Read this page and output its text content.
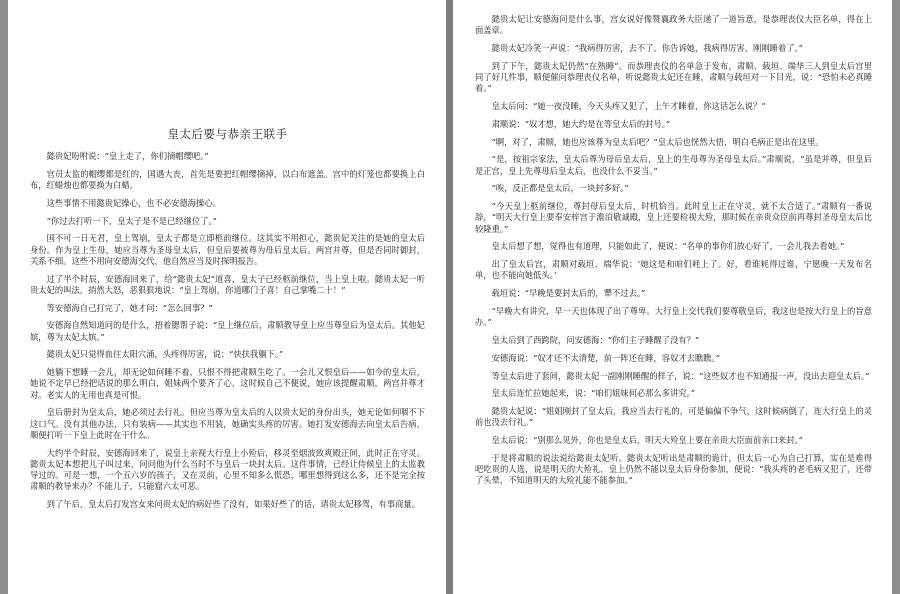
皇太后要与恭亲王联手

懿贵妃吩咐说：“皇上走了，你们摘帽缨吧。”

官员太监的帽缨都是红的，国遇大丧，首先是要把红帽缨摘掉，以白布遮盖。宫中的灯笼也都要换上白布，红蜡烛也都要换为白蜡。

这些事情不用懿贵妃操心，也不必安德海操心。

“你过去打听一下，皇太子是不是已经继位了。”

国不可一日无君，皇上驾崩，皇太子都是立即柩前继位。这其实不用担心，懿贵妃关注的是她的皇太后身份。作为皇上生母，她应当尊为圣母皇太后，但皇后要被尊为母后皇太后。两宫并尊，但是否同时御封，关系不细。这些不用向安德海交代，他自然应当及时探明报告。

过了半个时辰，安德海回来了，给“懿贵太妃”道喜，皇太子已经柩前继位，当上皇上啦。懿贵太妃一听贵太妃的叫法，捎然大怒，恶狠狠地说：“皇上驾崩，你道哪门子喜！自己掌嘴二十！”

等安德海自己打完了，她才问：“怎么回事？”

安德海自然知道问的是什么，捂着腮帮子说：“皇上继位后，肃顺教导皇上应当尊皇后为皇太后。其他妃嫔，尊为太妃太嫔。”

懿贵太妃只觉得血往太阳穴涌，头疼得厉害，说：“快扶我躺下。”

她躺下想睡一会儿，却无论如何睡不着，只恨不得把肃顺生吃了。一会儿又恨皇后——如今的皇太后，她说不定早已经把话说的那么明白，姐妹两个要齐了心，这时候自己不便说，她应该提醒肃顺，两宫并尊才对。老实人的无用也真是可恨。

皇后册封为皇太后，她必须过去行礼。但应当尊为皇太后的人以贵太妃的身份出头，她无论如何咽不下这口气。没有其他办法，只有装病——其实也不用装，她确实头疼的厉害。她打发安德海去向皇太后告病，顺便打听一下皇上此时在干什么。

大约半个时辰，安德海回来了，说皇上亲视大行皇上小殓后，移灵至烟波致爽殿正间，此时正在守灵。懿贵太妃本想把儿子叫过来，问问他为什么当时不与皇后一块封太后。这件事情，已经让侍候皇上的太监教导过的。可是一想，一个五六岁的孩子，又在灵前，心里不知多么慌恐，哪里想得到这么多，还不是完全按肃顺的教导来办？不能儿子，只能窟六太可恶。

到了午后，皇太后打发宫女来问贵太妃的病好些了没有，如果好些了的话，请贵太妃移驾，有事商量。

懿贵太妃让安德海问是什么事，宫女说好像赞襄政务大臣递了一道旨意，是恭理丧仪大臣名单，得在上面盖章。

懿贵太妃冷笑一声说：“我病得厉害，去不了。你告诉她，我病得厉害，刚刚睡着了。”

到了下午，懿贵太妃仍然“在熟睡”。而恭理丧仪的名单急于发布，肃顺、载垣、端华三人到皇太后宫里同了好几件事，顺便催问恭理丧仪名单，听说懿贵太妃还在睡，肃顺与载垣对一下目光，说：“恐怕未必真睡着。”

皇太后问：“她一夜没睡，今天头疼又犯了，上午才睡着，你这话怎么说？”

肃顺说：“奴才想，她大约是在等皇太后的封号。”

“啊，对了，肃顺，她也应该尊为皇太后吧？”皇太后也恍然大悟，明白毛病正是出在这里。

“是，按祖宗家法，皇太后尊为母后皇太后，皇上的生母尊为圣母皇太后。”肃顺说，“虽是并尊，但皇后是正宫，皇上先尊母后皇太后，也没什么不妥当。”

“唉，反正都是皇太后，一块封多好。”

“今天皇上柩前继位，尊封母后皇太后，时机恰当。此时皇上正在守灵，就不太合适了。”肃顺有一番说辞，“明天大行皇上要奉安梓宫于澹泊敬诚殿，皇上还要检视大殓，那时候在亲贵众臣前再尊封圣母皇太后比较隆重。”

皇太后想了想，觉得也有道理，只能如此了，便说：“名单的事你们放心好了，一会儿我去看她。”

出了皇太后宫，肃顺对载垣、端华说：‘她这是和咱们耗上了。好，看谁耗得过谁，宁愿晚一天发布名单，也不能向她低头。’

载垣说：“早晚是要封太后的，犟不过去。”

“早晚大有讲究，早一天也体现了出了尊卑。大行皇上交代我们要尊敬皇后，我这也是按大行皇上的旨意办。”

皇太后到了西跨院，问安德海：“你们主子睡醒了没有？”

安德海说：“奴才还不太清楚，前一阵还在睡，容奴才去瞧瞧。”

等皇太后进了套间，懿贵太妃一副刚刚睡醒的样子，说：“这些奴才也不知通报一声，没出去迎皇太后。”

皇太后连忙拉她起来，说：“咱们姐妹何必那么多讲究。”

懿贵太妃说：“姐姐刚封了皇太后，我应当去行礼的，可是偏偏不争气，这时候病倒了，连大行皇上的灵前也没去行礼。”

皇太后说：“别那么见外，你也是皇太后，明天大殓皇上要在亲贵大臣面前亲口来封。”

于是将肃顺的说法说给懿贵太妃听。懿贵太妃听出是肃顺的诡计，但太后一心为自己打算，实在是难得吧吃贵的人选，说是明天的大殓礼，皇上仍然不能以皇太后身份参加，便说：“我头疼的老毛病又犯了，还带了头晕，不知道明天的大殓礼能不能参加。”
